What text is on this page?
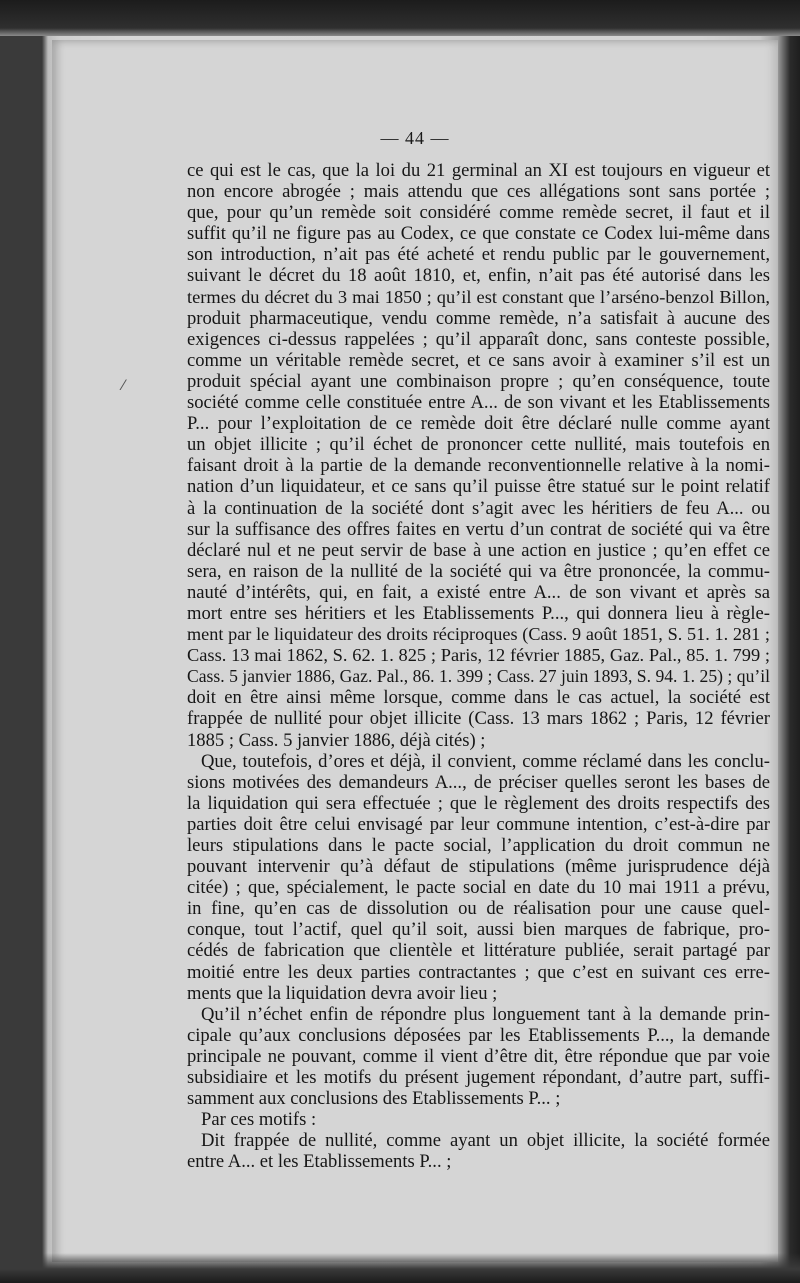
— 44 —
ce qui est le cas, que la loi du 21 germinal an XI est toujours en vigueur et
non encore abrogée ; mais attendu que ces allégations sont sans portée ;
que, pour qu’un remède soit considéré comme remède secret, il faut et il
suffit qu’il ne figure pas au Codex, ce que constate ce Codex lui-même dans
son introduction, n’ait pas été acheté et rendu public par le gouvernement,
suivant le décret du 18 août 1810, et, enfin, n’ait pas été autorisé dans les
termes du décret du 3 mai 1850 ; qu’il est constant que l’arséno-benzol Billon,
produit pharmaceutique, vendu comme remède, n’a satisfait à aucune des
exigences ci-dessus rappelées ; qu’il apparaît donc, sans conteste possible,
comme un véritable remède secret, et ce sans avoir à examiner s’il est un
produit spécial ayant une combinaison propre ; qu’en conséquence, toute
société comme celle constituée entre A... de son vivant et les Etablissements
P... pour l’exploitation de ce remède doit être déclaré nulle comme ayant
un objet illicite ; qu’il échet de prononcer cette nullité, mais toutefois en
faisant droit à la partie de la demande reconventionnelle relative à la nomi-
nation d’un liquidateur, et ce sans qu’il puisse être statué sur le point relatif
à la continuation de la société dont s’agit avec les héritiers de feu A... ou
sur la suffisance des offres faites en vertu d’un contrat de société qui va être
déclaré nul et ne peut servir de base à une action en justice ; qu’en effet ce
sera, en raison de la nullité de la société qui va être prononcée, la commu-
nauté d’intérêts, qui, en fait, a existé entre A... de son vivant et après sa
mort entre ses héritiers et les Etablissements P..., qui donnera lieu à règle-
ment par le liquidateur des droits réciproques (Cass. 9 août 1851, S. 51. 1. 281 ;
Cass. 13 mai 1862, S. 62. 1. 825 ; Paris, 12 février 1885, Gaz. Pal., 85. 1. 799 ;
Cass. 5 janvier 1886, Gaz. Pal., 86. 1. 399 ; Cass. 27 juin 1893, S. 94. 1. 25) ; qu’il
doit en être ainsi même lorsque, comme dans le cas actuel, la société est
frappée de nullité pour objet illicite (Cass. 13 mars 1862 ; Paris, 12 février
1885 ; Cass. 5 janvier 1886, déjà cités) ;
Que, toutefois, d’ores et déjà, il convient, comme réclamé dans les conclu-
sions motivées des demandeurs A..., de préciser quelles seront les bases de
la liquidation qui sera effectuée ; que le règlement des droits respectifs des
parties doit être celui envisagé par leur commune intention, c’est-à-dire par
leurs stipulations dans le pacte social, l’application du droit commun ne
pouvant intervenir qu’à défaut de stipulations (même jurisprudence déjà
citée) ; que, spécialement, le pacte social en date du 10 mai 1911 a prévu,
in fine, qu’en cas de dissolution ou de réalisation pour une cause quel-
conque, tout l’actif, quel qu’il soit, aussi bien marques de fabrique, pro-
cédés de fabrication que clientèle et littérature publiée, serait partagé par
moitié entre les deux parties contractantes ; que c’est en suivant ces erre-
ments que la liquidation devra avoir lieu ;
Qu’il n’échet enfin de répondre plus longuement tant à la demande prin-
cipale qu’aux conclusions déposées par les Etablissements P..., la demande
principale ne pouvant, comme il vient d’être dit, être répondue que par voie
subsidiaire et les motifs du présent jugement répondant, d’autre part, suffi-
samment aux conclusions des Etablissements P... ;
Par ces motifs :
Dit frappée de nullité, comme ayant un objet illicite, la société formée
entre A... et les Etablissements P... ;
⁄
